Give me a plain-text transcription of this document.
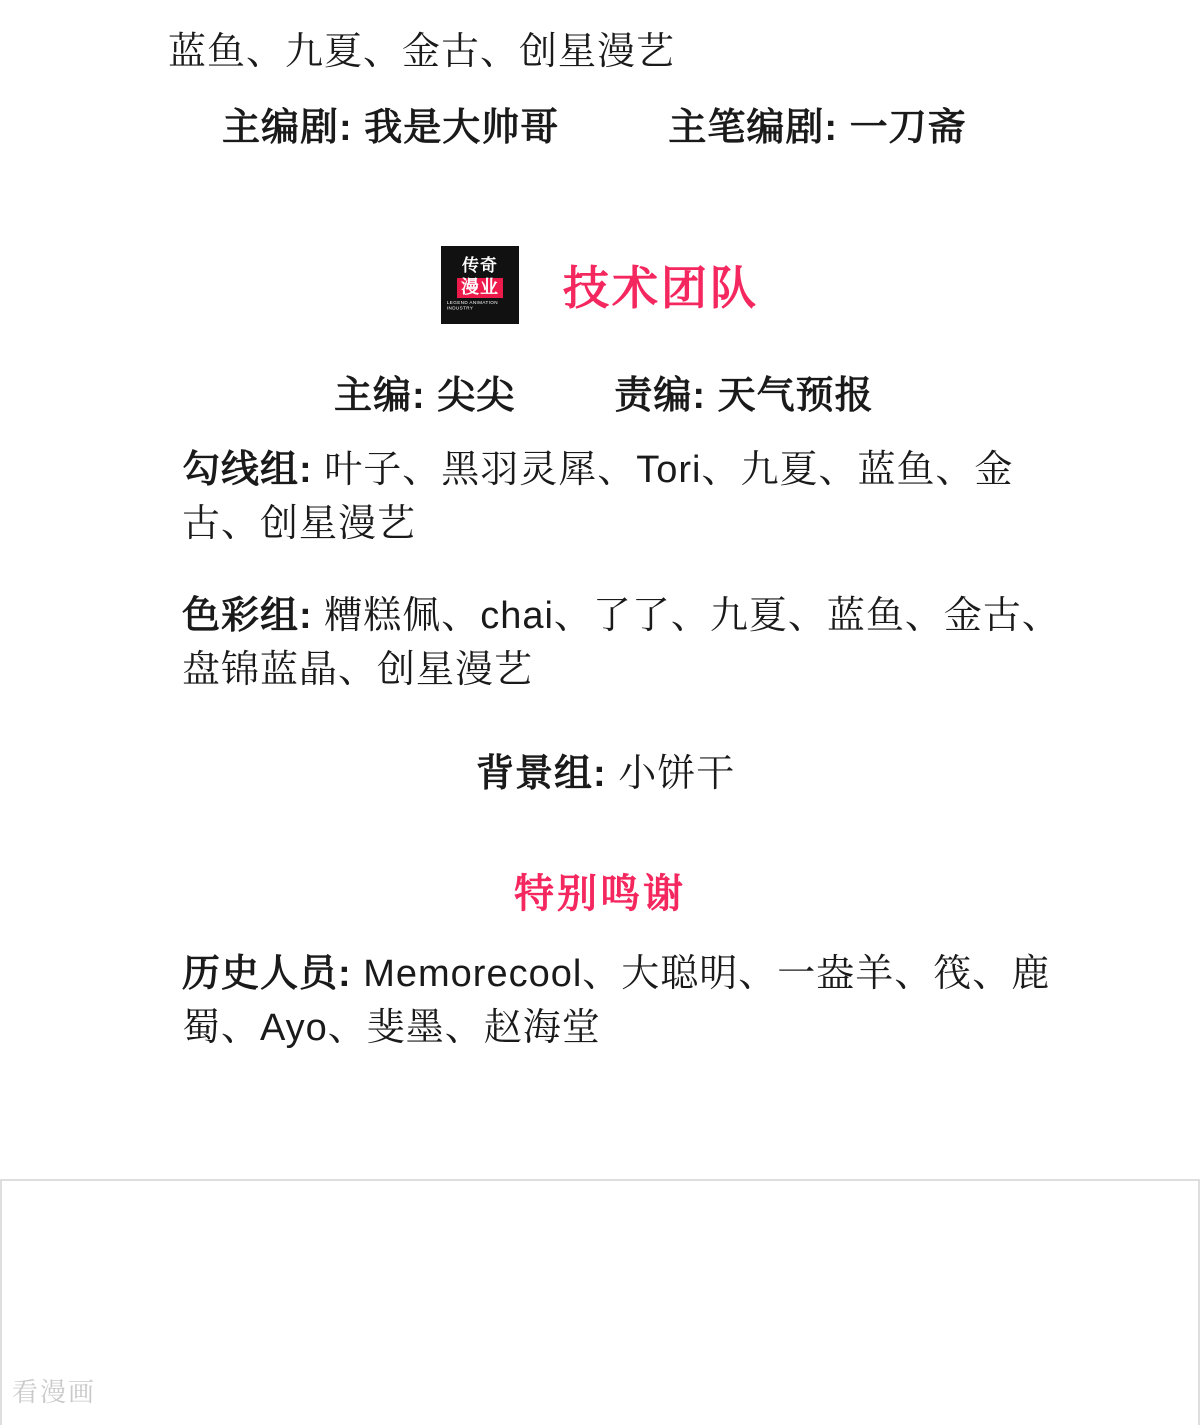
蓝鱼、九夏、金古、创星漫艺
主编剧: 我是大帅哥	主笔编剧: 一刀斋
传奇
漫业
LEGEND ANIMATION INDUSTRY	技术团队
主编: 尖尖	责编: 天气预报
勾线组: 叶子、黑羽灵犀、Tori、九夏、蓝鱼、金古、创星漫艺
色彩组: 糟糕佩、chai、了了、九夏、蓝鱼、金古、盘锦蓝晶、创星漫艺
背景组: 小饼干
特别鸣谢
历史人员: Memorecool、大聪明、一盎羊、筏、鹿蜀、Ayo、斐墨、赵海堂
看漫画
